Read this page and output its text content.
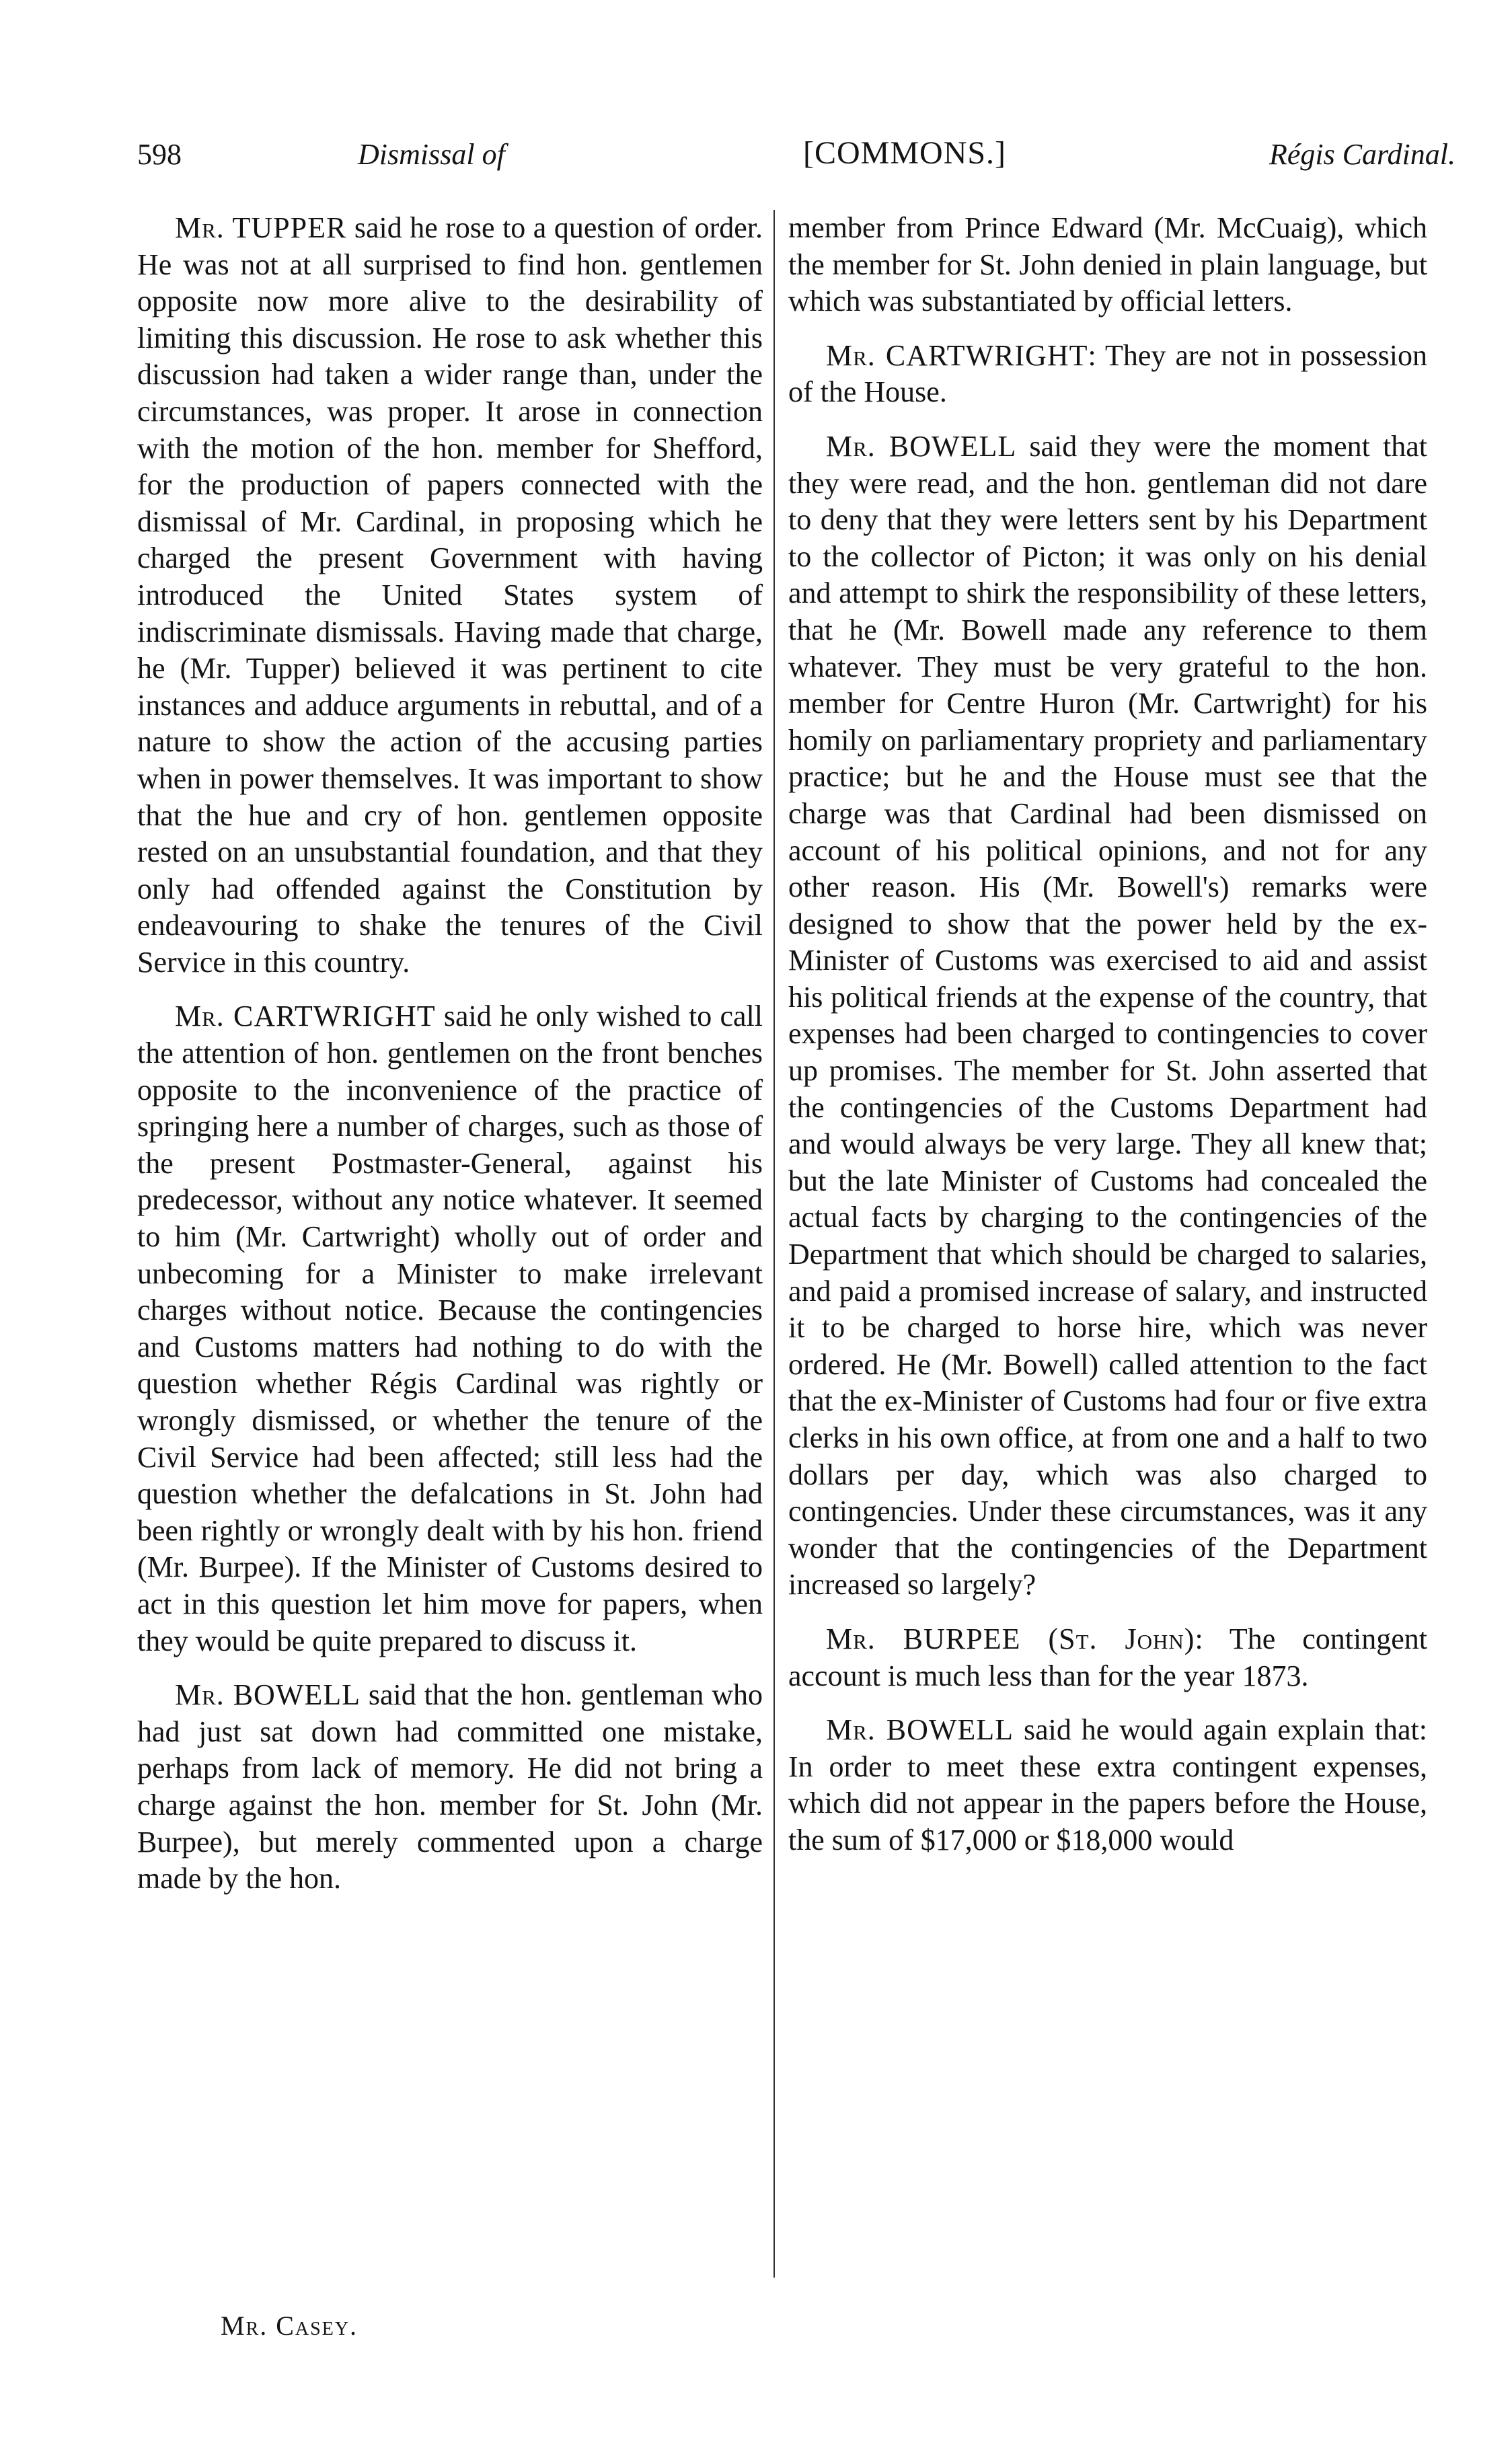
598	Dismissal of	[COMMONS.]	Régis Cardinal.

Mr. TUPPER said he rose to a question of order. He was not at all surprised to find hon. gentlemen opposite now more alive to the desirability of limiting this discussion. He rose to ask whether this discussion had taken a wider range than, under the circumstances, was proper. It arose in connection with the motion of the hon. member for Shefford, for the production of papers connected with the dismissal of Mr. Cardinal, in proposing which he charged the present Government with having introduced the United States system of indiscriminate dismissals. Having made that charge, he (Mr. Tupper) believed it was pertinent to cite instances and adduce arguments in rebuttal, and of a nature to show the action of the accusing parties when in power themselves. It was important to show that the hue and cry of hon. gentlemen opposite rested on an unsubstantial foundation, and that they only had offended against the Constitution by endeavouring to shake the tenures of the Civil Service in this country.

Mr. CARTWRIGHT said he only wished to call the attention of hon. gentlemen on the front benches opposite to the inconvenience of the practice of springing here a number of charges, such as those of the present Postmaster-General, against his predecessor, without any notice whatever. It seemed to him (Mr. Cartwright) wholly out of order and unbecoming for a Minister to make irrelevant charges without notice. Because the contingencies and Customs matters had nothing to do with the question whether Régis Cardinal was rightly or wrongly dismissed, or whether the tenure of the Civil Service had been affected; still less had the question whether the defalcations in St. John had been rightly or wrongly dealt with by his hon. friend (Mr. Burpee). If the Minister of Customs desired to act in this question let him move for papers, when they would be quite prepared to discuss it.

Mr. BOWELL said that the hon. gentleman who had just sat down had committed one mistake, perhaps from lack of memory. He did not bring a charge against the hon. member for St. John (Mr. Burpee), but merely commented upon a charge made by the hon.

member from Prince Edward (Mr. McCuaig), which the member for St. John denied in plain language, but which was substantiated by official letters.

Mr. CARTWRIGHT: They are not in possession of the House.

Mr. BOWELL said they were the moment that they were read, and the hon. gentleman did not dare to deny that they were letters sent by his Department to the collector of Picton; it was only on his denial and attempt to shirk the responsibility of these letters, that he (Mr. Bowell made any reference to them whatever. They must be very grateful to the hon. member for Centre Huron (Mr. Cartwright) for his homily on parliamentary propriety and parliamentary practice; but he and the House must see that the charge was that Cardinal had been dismissed on account of his political opinions, and not for any other reason. His (Mr. Bowell's) remarks were designed to show that the power held by the ex-Minister of Customs was exercised to aid and assist his political friends at the expense of the country, that expenses had been charged to contingencies to cover up promises. The member for St. John asserted that the contingencies of the Customs Department had and would always be very large. They all knew that; but the late Minister of Customs had concealed the actual facts by charging to the contingencies of the Department that which should be charged to salaries, and paid a promised increase of salary, and instructed it to be charged to horse hire, which was never ordered. He (Mr. Bowell) called attention to the fact that the ex-Minister of Customs had four or five extra clerks in his own office, at from one and a half to two dollars per day, which was also charged to contingencies. Under these circumstances, was it any wonder that the contingencies of the Department increased so largely?

Mr. BURPEE (St. John): The contingent account is much less than for the year 1873.

Mr. BOWELL said he would again explain that: In order to meet these extra contingent expenses, which did not appear in the papers before the House, the sum of $17,000 or $18,000 would

Mr. Casey.
